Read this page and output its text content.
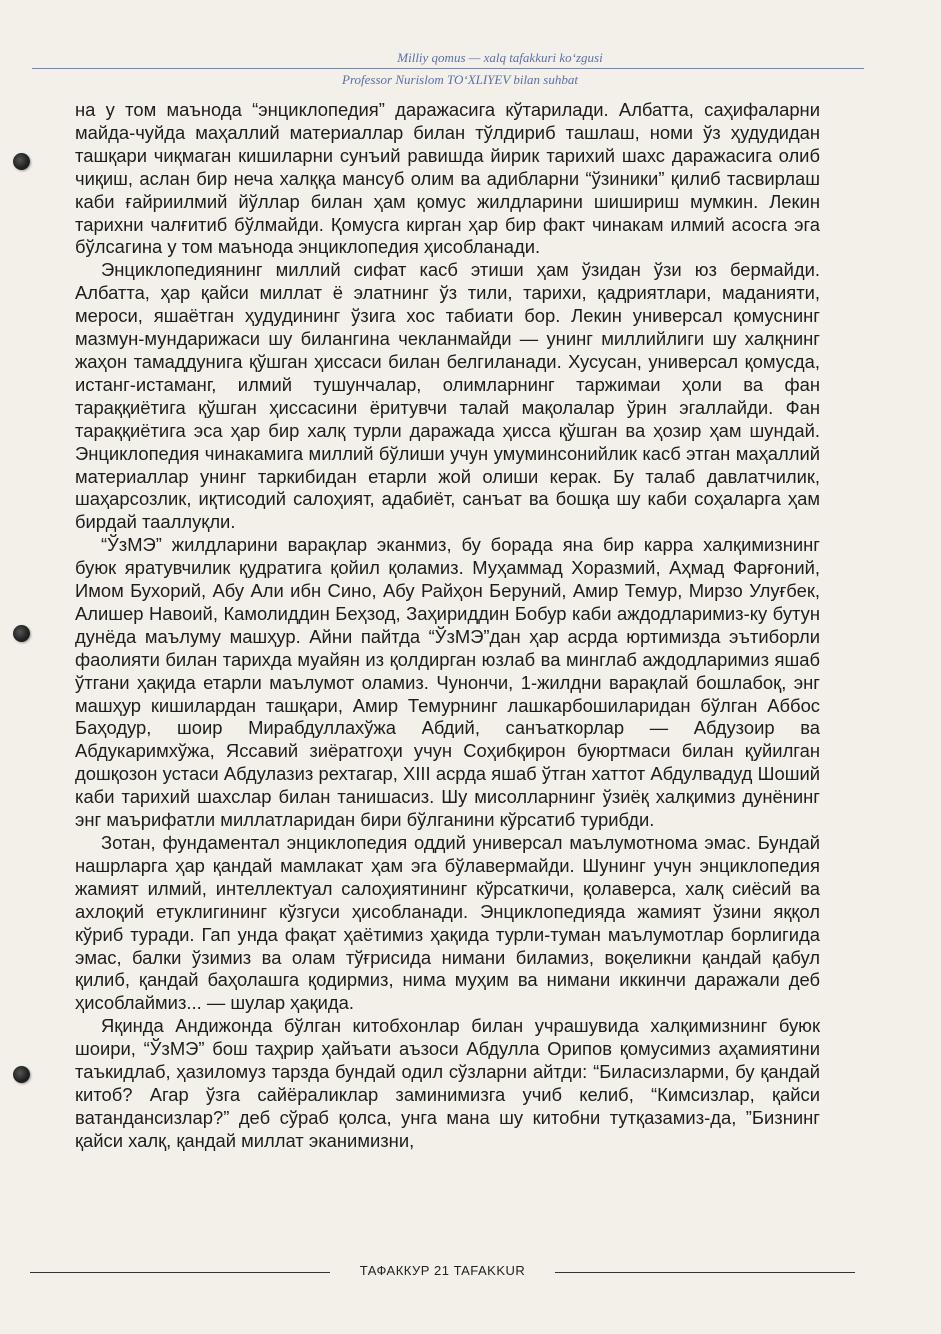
Milliy qomus — xalq tafakkuri ko‘zgusi
Professor Nurislom TO‘XLIYEV bilan suhbat

на у том маънода “энциклопедия” даражасига кўтарилади. Албатта, саҳифаларни майда-чуйда маҳаллий материаллар билан тўлдириб ташлаш, номи ўз ҳудудидан ташқари чиқмаган кишиларни сунъий равишда йирик тарихий шахс даражасига олиб чиқиш, аслан бир неча халққа мансуб олим ва адибларни “ўзиники” қилиб тасвирлаш каби ғайриилмий йўллар билан ҳам қомус жилдларини шишириш мумкин. Лекин тарихни чалғитиб бўлмайди. Қомусга кирган ҳар бир факт чинакам илмий асосга эга бўлсагина у том маънода энциклопедия ҳисобланади.

Энциклопедиянинг миллий сифат касб этиши ҳам ўзидан ўзи юз бермайди. Албатта, ҳар қайси миллат ё элатнинг ўз тили, тарихи, қадриятлари, маданияти, мероси, яшаётган ҳудудининг ўзига хос табиати бор. Лекин универсал қомуснинг мазмун-мундарижаси шу билангина чекланмайди — унинг миллийлиги шу халқнинг жаҳон тамаддунига қўшган ҳиссаси билан белгиланади. Хусусан, универсал қомусда, истанг-истаманг, илмий тушунчалар, олимларнинг таржимаи ҳоли ва фан тараққиётига қўшган ҳиссасини ёритувчи талай мақолалар ўрин эгаллайди. Фан тараққиётига эса ҳар бир халқ турли даражада ҳисса қўшган ва ҳозир ҳам шундай. Энциклопедия чинакамига миллий бўлиши учун умуминсонийлик касб этган маҳаллий материаллар унинг таркибидан етарли жой олиши керак. Бу талаб давлатчилик, шаҳарсозлик, иқтисодий салоҳият, адабиёт, санъат ва бошқа шу каби соҳаларга ҳам бирдай тааллуқли.

“ЎзМЭ” жилдларини варақлар эканмиз, бу борада яна бир карра халқимизнинг буюк яратувчилик қудратига қойил қоламиз. Муҳаммад Хоразмий, Аҳмад Фарғоний, Имом Бухорий, Абу Али ибн Сино, Абу Райҳон Беруний, Амир Темур, Мирзо Улуғбек, Алишер Навоий, Камолиддин Беҳзод, Заҳириддин Бобур каби аждодларимиз-ку бутун дунёда маълуму машҳур. Айни пайтда “ЎзМЭ”дан ҳар асрда юртимизда эътиборли фаолияти билан тарихда муайян из қолдирган юзлаб ва минглаб аждодларимиз яшаб ўтгани ҳақида етарли маълумот оламиз. Чунончи, 1-жилдни варақлай бошлабоқ, энг машҳур кишилардан ташқари, Амир Темурнинг лашкарбошиларидан бўлган Аббос Баҳодур, шоир Мирабдуллахўжа Абдий, санъаткорлар — Абдузоир ва Абдукаримхўжа, Яссавий зиёратгоҳи учун Соҳибқирон буюртмаси билан қуйилган дошқозон устаси Абдулазиз рехтагар, XIII асрда яшаб ўтган хаттот Абдулвадуд Шоший каби тарихий шахслар билан танишасиз. Шу мисолларнинг ўзиёқ халқимиз дунёнинг энг маърифатли миллатларидан бири бўлганини кўрсатиб турибди.

Зотан, фундаментал энциклопедия оддий универсал маълумотнома эмас. Бундай нашрларга ҳар қандай мамлакат ҳам эга бўлавермайди. Шунинг учун энциклопедия жамият илмий, интеллектуал салоҳиятининг кўрсаткичи, қолаверса, халқ сиёсий ва ахлоқий етуклигининг кўзгуси ҳисобланади. Энциклопедияда жамият ўзини яққол кўриб туради. Гап унда фақат ҳаётимиз ҳақида турли-туман маълумотлар борлигида эмас, балки ўзимиз ва олам тўғрисида нимани биламиз, воқеликни қандай қабул қилиб, қандай баҳолашга қодирмиз, нима муҳим ва нимани иккинчи даражали деб ҳисоблаймиз... — шулар ҳақида.

Яқинда Андижонда бўлган китобхонлар билан учрашувида халқимизнинг буюк шоири, “ЎзМЭ” бош таҳрир ҳайъати аъзоси Абдулла Орипов қомусимиз аҳамиятини таъкидлаб, ҳазиломуз тарзда бундай одил сўзларни айтди: “Биласизларми, бу қандай китоб? Агар ўзга сайёраликлар заминимизга учиб келиб, “Кимсизлар, қайси ватандансизлар?” деб сўраб қолса, унга мана шу китобни тутқазамиз-да, ”Бизнинг қайси халқ, қандай миллат эканимизни,

ТАФАККУР 21 TAFAKKUR
